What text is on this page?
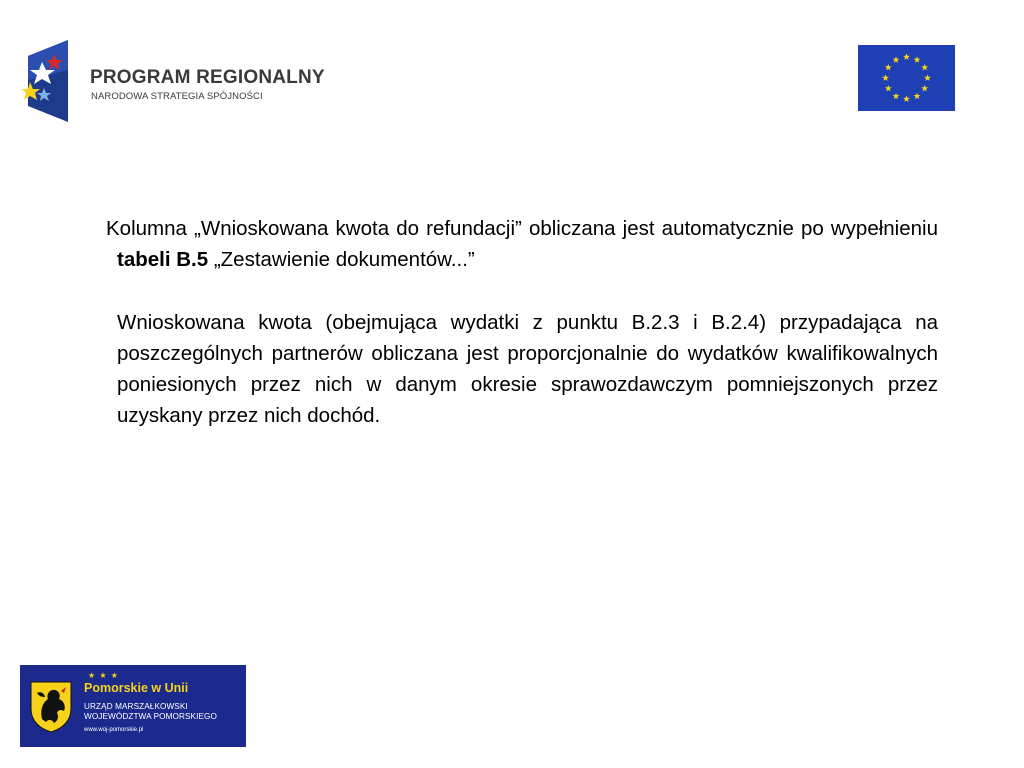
PROGRAM REGIONALNY
NARODOWA STRATEGIA SPÓJNOŚCI

Kolumna „Wnioskowana kwota do refundacji” obliczana jest automatycznie po wypełnieniu tabeli B.5 „Zestawienie dokumentów...”

Wnioskowana kwota (obejmująca wydatki z punktu B.2.3 i B.2.4) przypadająca na poszczególnych partnerów obliczana jest proporcjonalnie do wydatków kwalifikowalnych poniesionych przez nich w danym okresie sprawozdawczym pomniejszonych przez uzyskany przez nich dochód.

★ ★ ★
Pomorskie w Unii
URZĄD MARSZAŁKOWSKI
WOJEWÓDZTWA POMORSKIEGO
www.woj-pomorskie.pl
